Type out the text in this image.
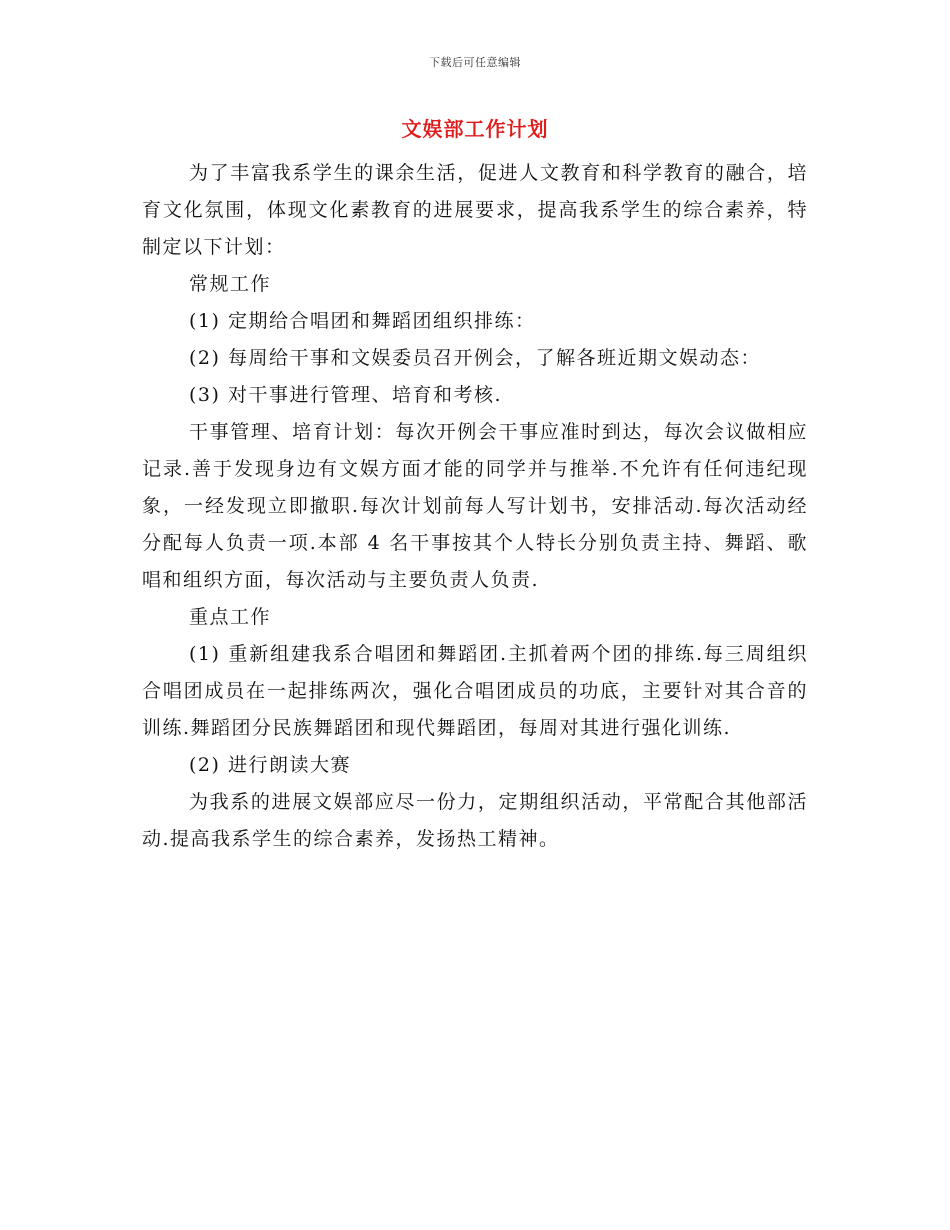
下载后可任意编辑
文娱部工作计划

为了丰富我系学生的课余生活，促进人文教育和科学教育的融合，培育文化氛围，体现文化素教育的进展要求，提高我系学生的综合素养，特制定以下计划：

常规工作

(1) 定期给合唱团和舞蹈团组织排练：

(2) 每周给干事和文娱委员召开例会，了解各班近期文娱动态：

(3) 对干事进行管理、培育和考核.

干事管理、培育计划：每次开例会干事应准时到达，每次会议做相应记录.善于发现身边有文娱方面才能的同学并与推举.不允许有任何违纪现象，一经发现立即撤职.每次计划前每人写计划书，安排活动.每次活动经分配每人负责一项.本部 4 名干事按其个人特长分别负责主持、舞蹈、歌唱和组织方面，每次活动与主要负责人负责.

重点工作

(1) 重新组建我系合唱团和舞蹈团.主抓着两个团的排练.每三周组织合唱团成员在一起排练两次，强化合唱团成员的功底，主要针对其合音的训练.舞蹈团分民族舞蹈团和现代舞蹈团，每周对其进行强化训练.

(2) 进行朗读大赛

为我系的进展文娱部应尽一份力，定期组织活动，平常配合其他部活动.提高我系学生的综合素养，发扬热工精神。
